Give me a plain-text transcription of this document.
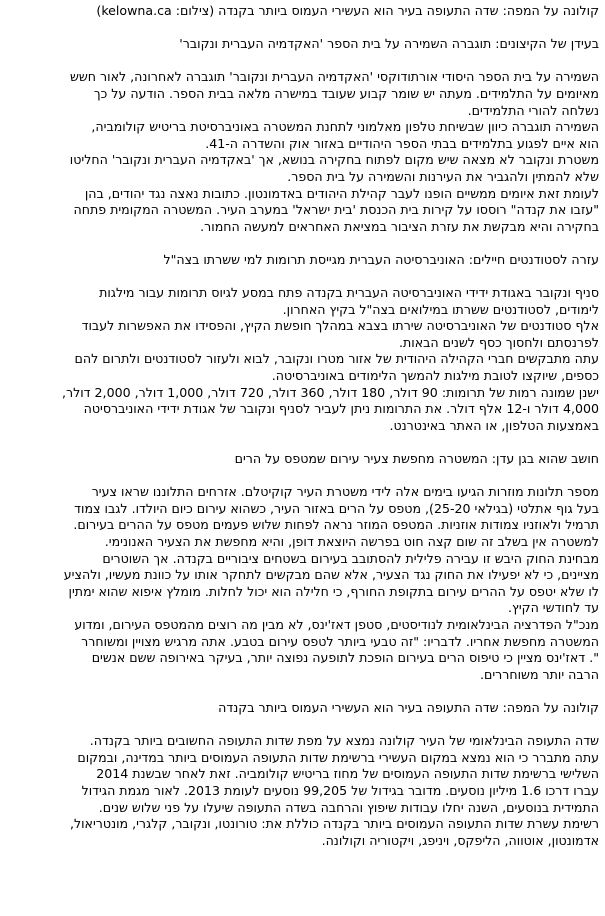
קולונה על המפה: שדה התעופה בעיר הוא העשירי העמוס ביותר בקנדה (צילום: kelowna.ca)
בעידן של הקיצונים: תוגברה השמירה על בית הספר 'האקדמיה העברית ונקובר'
השמירה על בית הספר היסודי אורתודוקסי 'האקדמיה העברית ונקובר' תוגברה לאחרונה, לאור חשש
מאיומים על התלמידים. מעתה יש שומר קבוע שעובד במישרה מלאה בבית הספר. הודעה על כך
נשלחה להורי התלמידים.
השמירה תוגברה כיוון שבשיחת טלפון מאלמוני לתחנת המשטרה באוניברסיטת בריטיש קולומביה,
הוא איים לפגוע בתלמידים בבתי הספר היהודיים באזור אוק והשדרה ה-41.
משטרת ונקובר לא מצאה שיש מקום לפתוח בחקירה בנושא, אך 'באקדמיה העברית ונקובר' החליטו
שלא להמתין ולהגביר את העירנות והשמירה על בית הספר.
לעומת זאת איומים ממשיים הופנו לעבר קהילת היהודים באדמונטון. כתובות נאצה נגד יהודים, בהן
"עזבו את קנדה" רוססו על קירות בית הכנסת 'בית ישראל' במערב העיר. המשטרה המקומית פתחה
בחקירה והיא מבקשת את עזרת הציבור במציאת האחראים למעשה החמור.
עזרה לסטודנטים חיילים: האוניברסיטה העברית מגייסת תרומות למי ששרתו בצה"ל
סניף ונקובר באגודת ידידי האוניברסיטה העברית בקנדה פתח במסע לגיוס תרומות עבור מילגות
לימודים, לסטודנטים ששרתו במילואים בצה"ל בקיץ האחרון.
אלף סטודנטים של האוניברסיטה שירתו בצבא במהלך חופשת הקיץ, והפסידו את האפשרות לעבוד
לפרנסתם ולחסוך כסף לשנים הבאות.
עתה מתבקשים חברי הקהילה היהודית של אזור מטרו ונקובר, לבוא ולעזור לסטודנטים ולתרום להם
כספים, שיוקצו לטובת מילגות להמשך הלימודים באוניברסיטה.
ישנן שמונה רמות של תרומות: 90 דולר, 180 דולר, 360 דולר, 720 דולר, 1,000 דולר, 2,000 דולר,
4,000 דולר ו-12 אלף דולר. את התרומות ניתן לעביר לסניף ונקובר של אגודת ידידי האוניברסיטה
באמצעות הטלפון, או האתר באינטרנט.
חושב שהוא בגן עדן: המשטרה מחפשת צעיר עירום שמטפס על הרים
מספר תלונות מוזרות הגיעו בימים אלה לידי משטרת העיר קוקיטלם. אזרחים התלוננו שראו צעיר
בעל גוף אתלטי (בגילאי 25-20), מטפס על הרים באזור העיר, כשהוא עירום כיום היולדו. לגבו צמוד
תרמיל ולאוזניו צמודות אוזניות. המטפס המוזר נראה לפחות שלוש פעמים מטפס על ההרים בעירום.
למשטרה אין בשלב זה שום קצה חוט בפרשה היוצאת דופן, והיא מחפשת את הצעיר האנונימי.
מבחינת החוק היבש זו עבירה פלילית להסתובב בעירום בשטחים ציבוריים בקנדה. אך השוטרים
מציינים, כי לא יפעילו את החוק נגד הצעיר, אלא שהם מבקשים לתחקר אותו על כוונת מעשיו, ולהציע
לו שלא יטפס על ההרים עירום בתקופת החורף, כי חלילה הוא יכול לחלות. מומלץ איפוא שהוא ימתין
עד לחודשי הקיץ.
מנכ"ל הפדרציה הבינלאומית לנודיסטים, סטפן דאז'ינס, לא מבין מה רוצים מהמטפס העירום, ומדוע
המשטרה מחפשת אחריו. לדבריו: "זה טבעי ביותר לטפס עירום בטבע. אתה מרגיש מצויין ומשוחרר
". דאז'ינס מציין כי טיפוס הרים בעירום הופכת לתופעה נפוצה יותר, בעיקר באירופה ששם אנשים
הרבה יותר משוחררים.
קולונה על המפה: שדה התעופה בעיר הוא העשירי העמוס ביותר בקנדה
שדה התעופה הבינלאומי של העיר קולונה נמצא על מפת שדות התעופה החשובים ביותר בקנדה.
עתה מתברר כי הוא נמצא במקום העשירי ברשימת שדות התעופה העמוסים ביותר במדינה, ובמקום
השלישי ברשימת שדות התעופה העמוסים של מחוז בריטיש קולומביה. זאת לאחר שבשנת 2014
עברו דרכו 1.6 מיליון נוסעים. מדובר בגידול של 99,205 נוסעים לעומת 2013. לאור מגמת הגידול
התמידית בנוסעים, השנה יחלו עבודות שיפוץ והרחבה בשדה התעופה שיעלו על פני שלוש שנים.
רשימת עשרת שדות התעופה העמוסים ביותר בקנדה כוללת את: טורונטו, ונקובר, קלגרי, מונטריאול,
אדמונטון, אוטווה, הליפקס, ויניפג, ויקטוריה וקולונה.
